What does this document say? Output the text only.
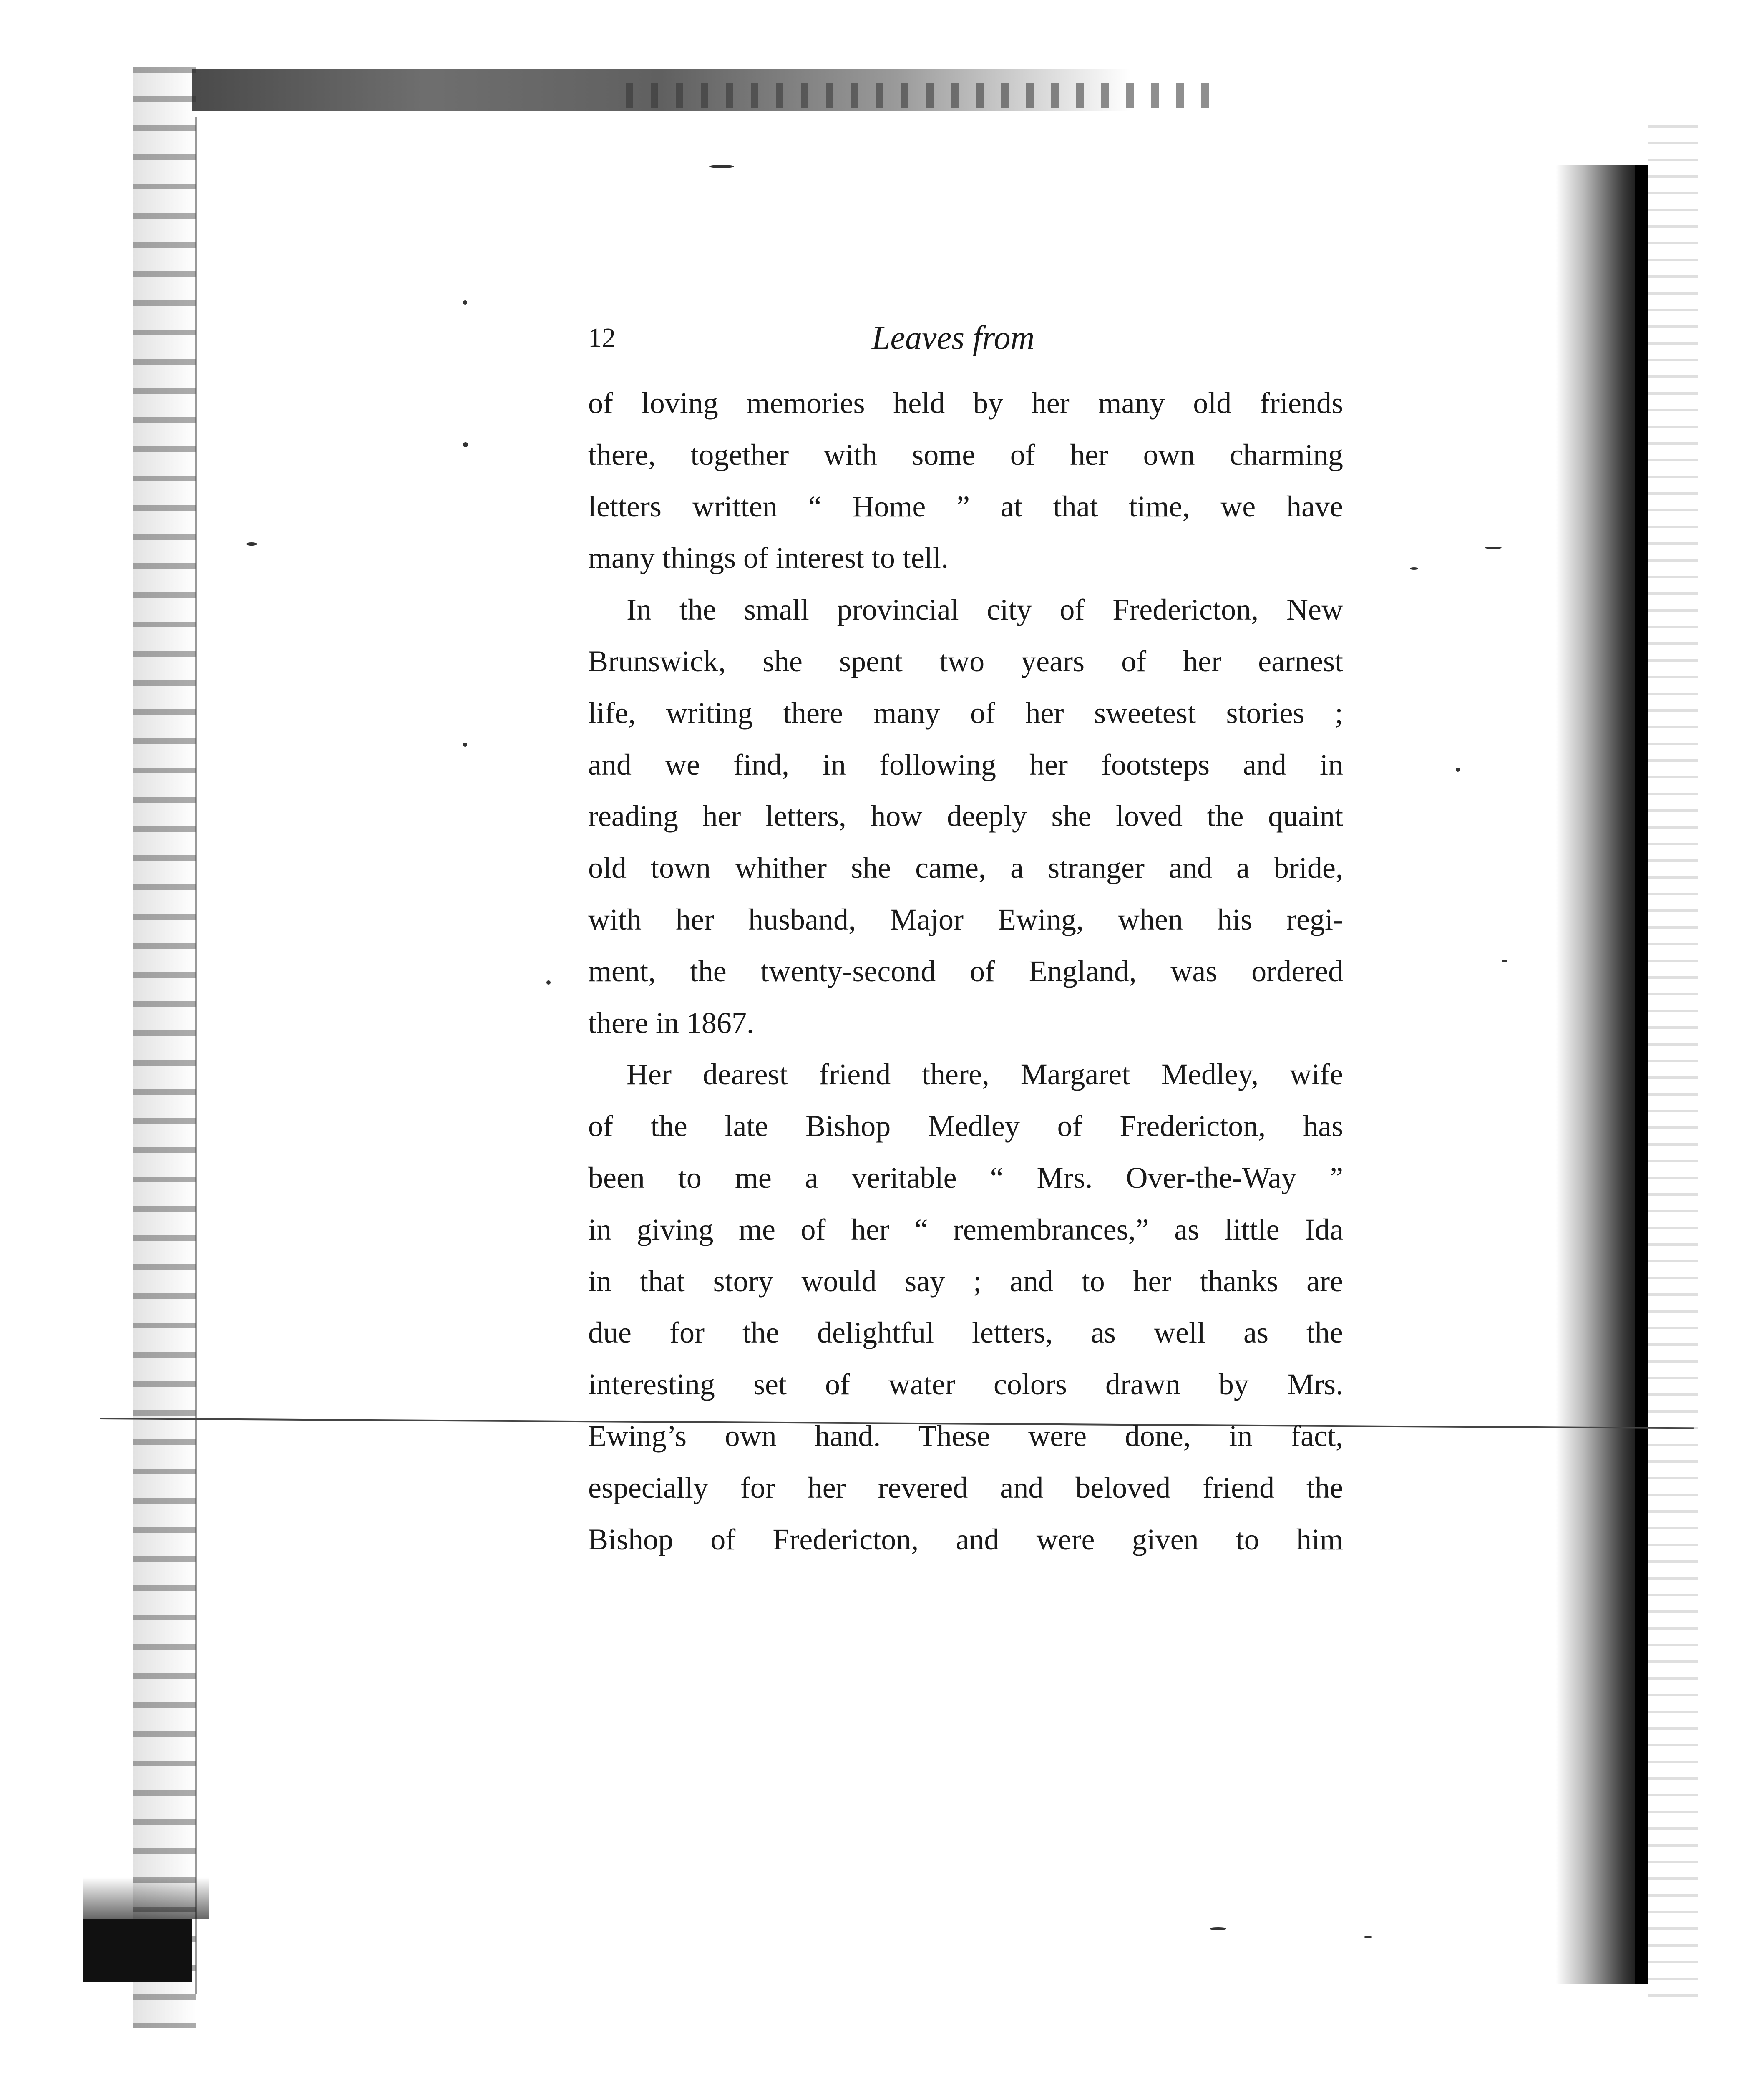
12	Leaves from
of loving memories held by her many old friends
there, together with some of her own charming
letters written “ Home ” at that time, we have
many things of interest to tell.
In the small provincial city of Fredericton, New
Brunswick, she spent two years of her earnest
life, writing there many of her sweetest stories ;
and we find, in following her footsteps and in
reading her letters, how deeply she loved the quaint
old town whither she came, a stranger and a bride,
with her husband, Major Ewing, when his regi-
ment, the twenty-second of England, was ordered
there in 1867.
Her dearest friend there, Margaret Medley, wife
of the late Bishop Medley of Fredericton, has
been to me a veritable “ Mrs. Over-the-Way ”
in giving me of her “ remembrances,” as little Ida
in that story would say ; and to her thanks are
due for the delightful letters, as well as the
interesting set of water colors drawn by Mrs.
Ewing’s own hand. These were done, in fact,
especially for her revered and beloved friend the
Bishop of Fredericton, and were given to him
